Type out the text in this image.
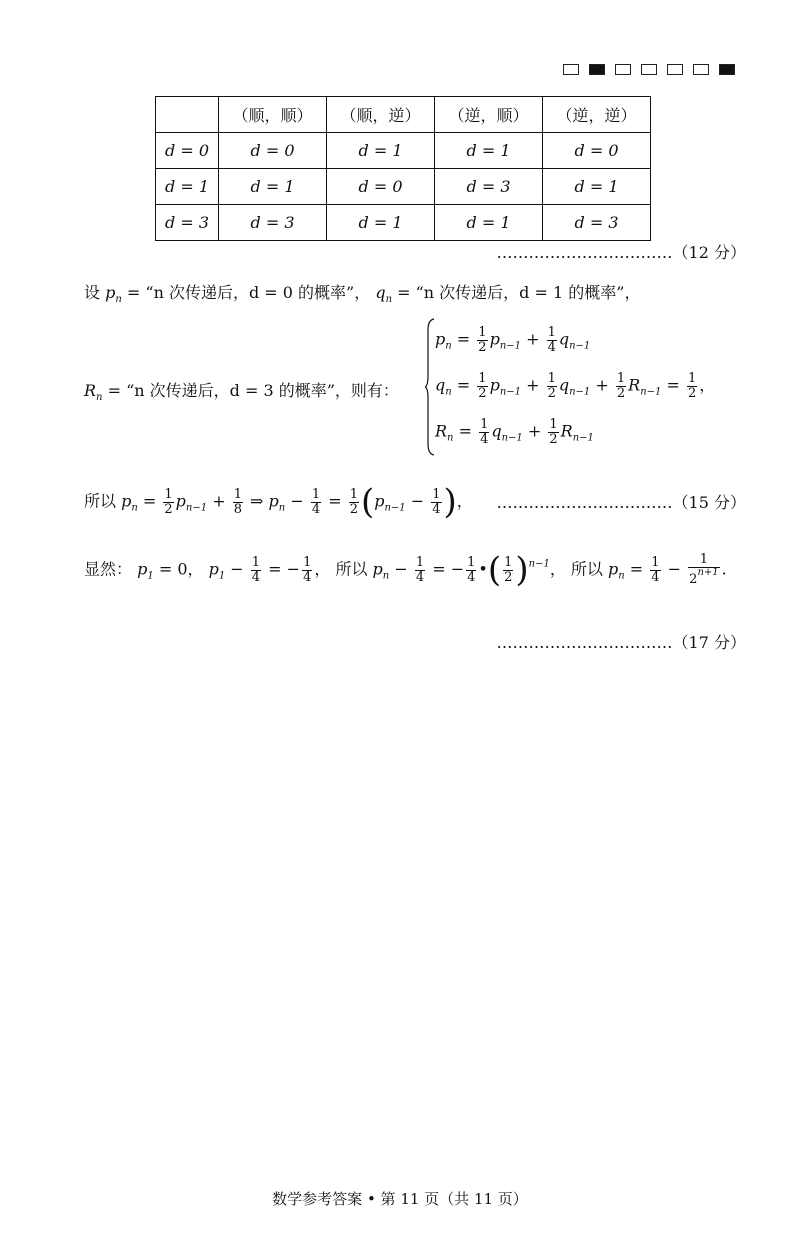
	（顺，顺）	（顺，逆）	（逆，顺）	（逆，逆）
d = 0	d = 0	d = 1	d = 1	d = 0
d = 1	d = 1	d = 0	d = 3	d = 1
d = 3	d = 3	d = 1	d = 1	d = 3
……………………………（12 分）
设 $p_n$ = “n 次传递后，d = 0 的概率”， $q_n$ = “n 次传递后，d = 1 的概率”，
$R_n$ = “n 次传递后，d = 3 的概率”，则有：
$p_n = \frac{1}{2} p_{n-1} + \frac{1}{4} q_{n-1}$
$q_n = \frac{1}{2} p_{n-1} + \frac{1}{2} q_{n-1} + \frac{1}{2} R_{n-1} = \frac{1}{2}$ ，
$R_n = \frac{1}{4} q_{n-1} + \frac{1}{2} R_{n-1}$
所以 $p_n = \frac{1}{2} p_{n-1} + \frac{1}{8}$ ⇒ $p_n - \frac{1}{4} = \frac{1}{2} (p_{n-1} - \frac{1}{4}$ )， ……………………………（15 分）
显然： $p_1 = 0$， $p_1 - \frac{1}{4}$ = − $\frac{1}{4}$ ， 所以 $p_n - \frac{1}{4}$ = − $\frac{1}{4}$ •( $\frac{1}{2} )^{n-1}$， 所以 $p_n = \frac{1}{4} - \frac{1}{2^{n+1}}$ .
……………………………（17 分）
数学参考答案 • 第 11 页（共 11 页）
